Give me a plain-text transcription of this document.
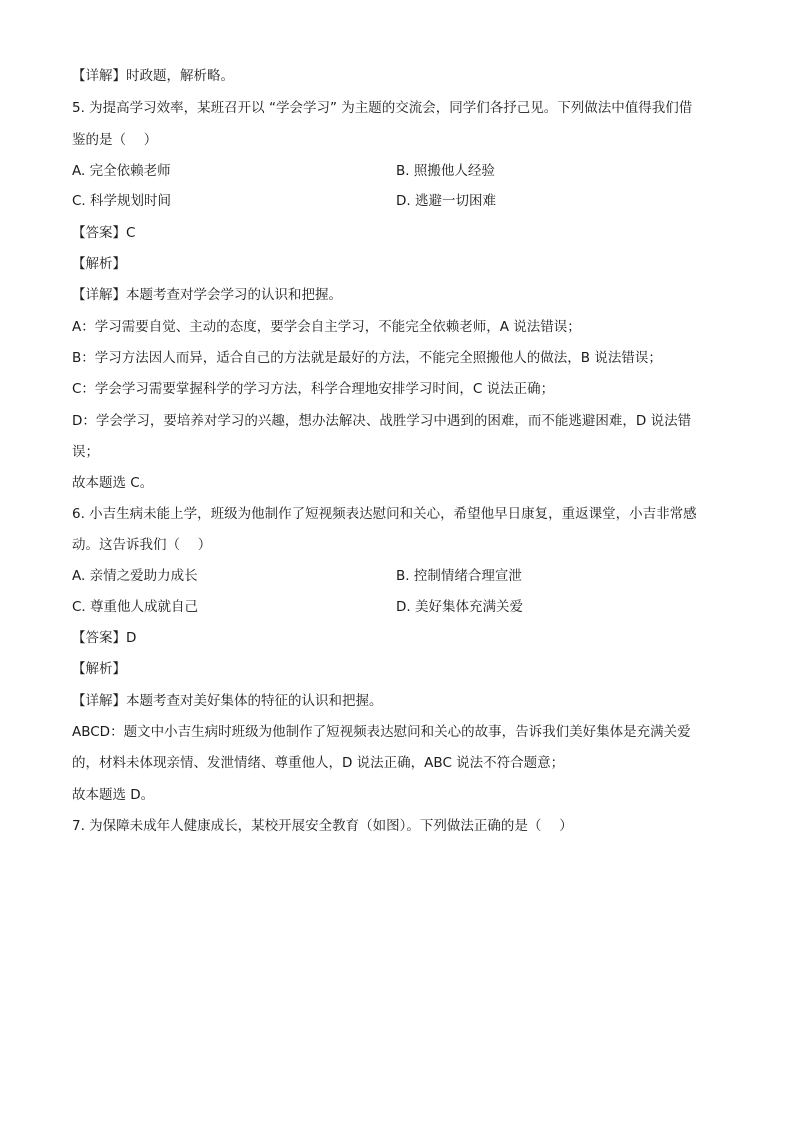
【详解】时政题，解析略。
5. 为提高学习效率，某班召开以 “学会学习” 为主题的交流会，同学们各抒己见。下列做法中值得我们借
鉴的是（　 ）
A. 完全依赖老师	B. 照搬他人经验
C. 科学规划时间	D. 逃避一切困难
【答案】C
【解析】
【详解】本题考查对学会学习的认识和把握。
A：学习需要自觉、主动的态度，要学会自主学习，不能完全依赖老师，A 说法错误；
B：学习方法因人而异，适合自己的方法就是最好的方法，不能完全照搬他人的做法，B 说法错误；
C：学会学习需要掌握科学的学习方法，科学合理地安排学习时间，C 说法正确；
D：学会学习，要培养对学习的兴趣，想办法解决、战胜学习中遇到的困难，而不能逃避困难，D 说法错
误；
故本题选 C。
6. 小吉生病未能上学，班级为他制作了短视频表达慰问和关心，希望他早日康复，重返课堂，小吉非常感
动。这告诉我们（　 ）
A. 亲情之爱助力成长	B. 控制情绪合理宣泄
C. 尊重他人成就自己	D. 美好集体充满关爱
【答案】D
【解析】
【详解】本题考查对美好集体的特征的认识和把握。
ABCD：题文中小吉生病时班级为他制作了短视频表达慰问和关心的故事，告诉我们美好集体是充满关爱
的，材料未体现亲情、发泄情绪、尊重他人，D 说法正确，ABC 说法不符合题意；
故本题选 D。
7. 为保障未成年人健康成长，某校开展安全教育（如图）。下列做法正确的是（　 ）
